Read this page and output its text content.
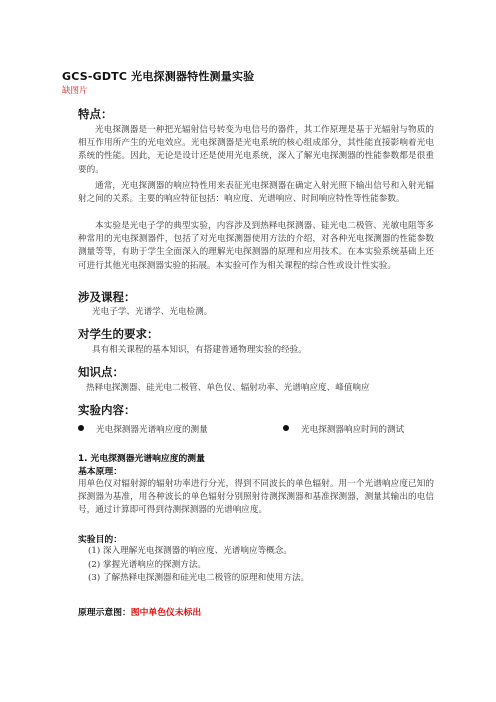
GCS-GDTC 光电探测器特性测量实验
缺图片
特点：
光电探测器是一种把光辐射信号转变为电信号的器件，其工作原理是基于光辐射与物质的相互作用所产生的光电效应。光电探测器是光电系统的核心组成部分，其性能直接影响着光电系统的性能。因此，无论是设计还是使用光电系统，深入了解光电探测器的性能参数都是很重要的。
通常，光电探测器的响应特性用来表征光电探测器在确定入射光照下输出信号和入射光辐射之间的关系。主要的响应特征包括：响应度、光谱响应、时间响应特性等性能参数。
本实验是光电子学的典型实验，内容涉及到热释电探测器、硅光电二极管、光敏电阻等多种常用的光电探测器件，包括了对光电探测器使用方法的介绍，对各种光电探测器的性能参数测量等等，有助于学生全面深入的理解光电探测器的原理和应用技术。在本实验系统基础上还可进行其他光电探测器实验的拓展。本实验可作为相关课程的综合性或设计性实验。
涉及课程：
光电子学、光谱学、光电检测。
对学生的要求：
具有相关课程的基本知识，有搭建普通物理实验的经验。
知识点：
热释电探测器、硅光电二极管、单色仪、辐射功率、光谱响应度、峰值响应
实验内容：
光电探测器光谱响应度的测量	光电探测器响应时间的测试
1. 光电探测器光谱响应度的测量
基本原理：
用单色仪对辐射源的辐射功率进行分光，得到不同波长的单色辐射。用一个光谱响应度已知的探测器为基准，用各种波长的单色辐射分别照射待测探测器和基准探测器，测量其输出的电信号，通过计算即可得到待测探测器的光谱响应度。
实验目的：
(1) 深入理解光电探测器的响应度、光谱响应等概念。
(2) 掌握光谱响应的探测方法。
(3) 了解热释电探测器和硅光电二极管的原理和使用方法。
原理示意图：图中单色仪未标出
